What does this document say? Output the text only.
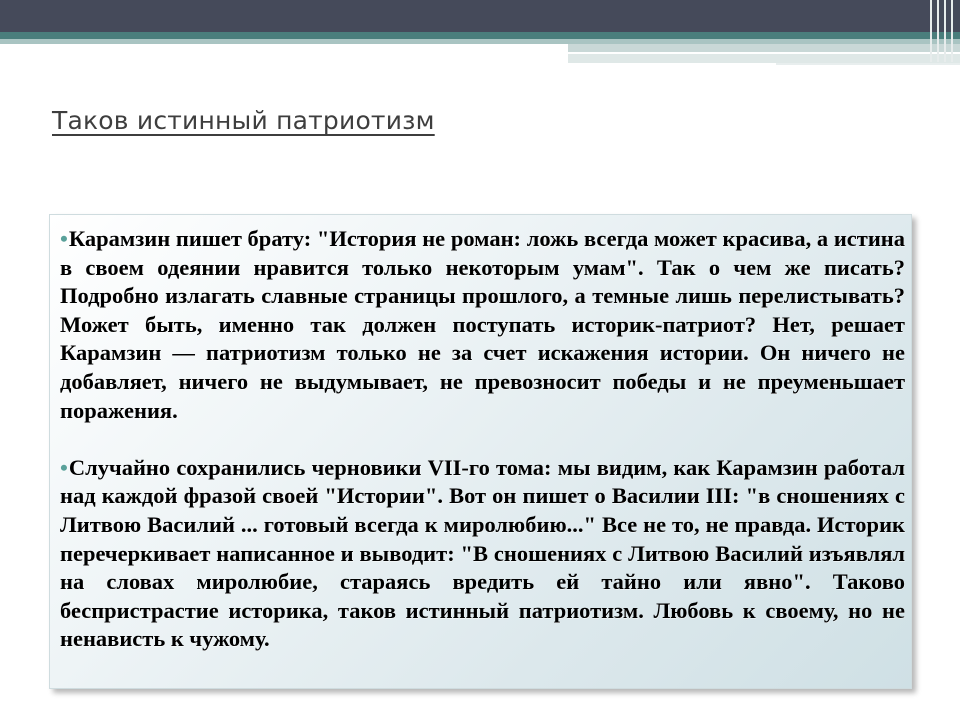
Таков истинный патриотизм

•Карамзин пишет брату: "История не роман: ложь всегда может красива, а истина в своем одеянии нравится только некоторым умам". Так о чем же писать? Подробно излагать славные страницы прошлого, а темные лишь перелистывать? Может быть, именно так должен поступать историк-патриот? Нет, решает Карамзин — патриотизм только не за счет искажения истории. Он ничего не добавляет, ничего не выдумывает, не превозносит победы и не преуменьшает поражения.

•Случайно сохранились черновики VII-го тома: мы видим, как Карамзин работал над каждой фразой своей "Истории". Вот он пишет о Василии III: "в сношениях с Литвою Василий ... готовый всегда к миролюбию..." Все не то, не правда. Историк перечеркивает написанное и выводит: "В сношениях с Литвою Василий изъявлял на словах миролюбие, стараясь вредить ей тайно или явно". Таково беспристрастие историка, таков истинный патриотизм. Любовь к своему, но не ненависть к чужому.
